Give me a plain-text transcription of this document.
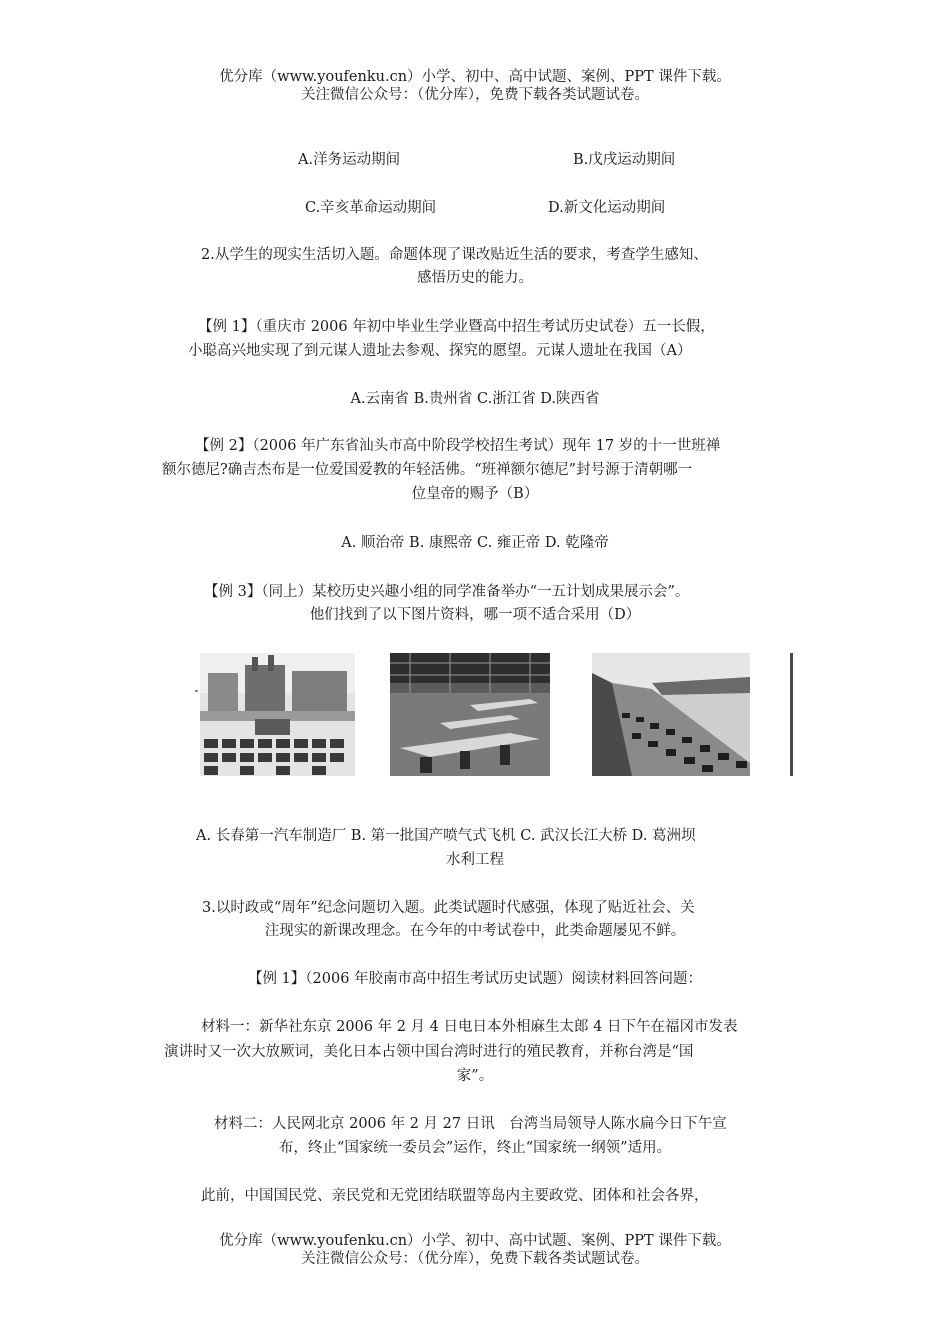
优分库（www.youfenku.cn）小学、初中、高中试题、案例、PPT 课件下载。
关注微信公众号：（优分库），免费下载各类试题试卷。
A.洋务运动期间	B.戊戌运动期间
C.辛亥革命运动期间	D.新文化运动期间
2.从学生的现实生活切入题。命题体现了课改贴近生活的要求，考查学生感知、
感悟历史的能力。
【例 1】（重庆市 2006 年初中毕业生学业暨高中招生考试历史试卷）五一长假，
小聪高兴地实现了到元谋人遗址去参观、探究的愿望。元谋人遗址在我国（A）
A.云南省 B.贵州省 C.浙江省 D.陕西省
【例 2】（2006 年广东省汕头市高中阶段学校招生考试）现年 17 岁的十一世班禅
额尔德尼?确吉杰布是一位爱国爱教的年轻活佛。“班禅额尔德尼”封号源于清朝哪一
位皇帝的赐予（B）
A. 顺治帝 B. 康熙帝 C. 雍正帝 D. 乾隆帝
【例 3】（同上）某校历史兴趣小组的同学准备举办“一五计划成果展示会”。
他们找到了以下图片资料，哪一项不适合采用（D）
A. 长春第一汽车制造厂 B. 第一批国产喷气式飞机 C. 武汉长江大桥 D. 葛洲坝
水利工程
3.以时政或“周年”纪念问题切入题。此类试题时代感强，体现了贴近社会、关
注现实的新课改理念。在今年的中考试卷中，此类命题屡见不鲜。
【例 1】（2006 年胶南市高中招生考试历史试题）阅读材料回答问题：
材料一：新华社东京 2006 年 2 月 4 日电日本外相麻生太郎 4 日下午在福冈市发表
演讲时又一次大放厥词，美化日本占领中国台湾时进行的殖民教育，并称台湾是“国
家”。
材料二：人民网北京 2006 年 2 月 27 日讯　台湾当局领导人陈水扁今日下午宣
布，终止“国家统一委员会”运作，终止“国家统一纲领”适用。
此前，中国国民党、亲民党和无党团结联盟等岛内主要政党、团体和社会各界，
优分库（www.youfenku.cn）小学、初中、高中试题、案例、PPT 课件下载。
关注微信公众号：（优分库），免费下载各类试题试卷。
